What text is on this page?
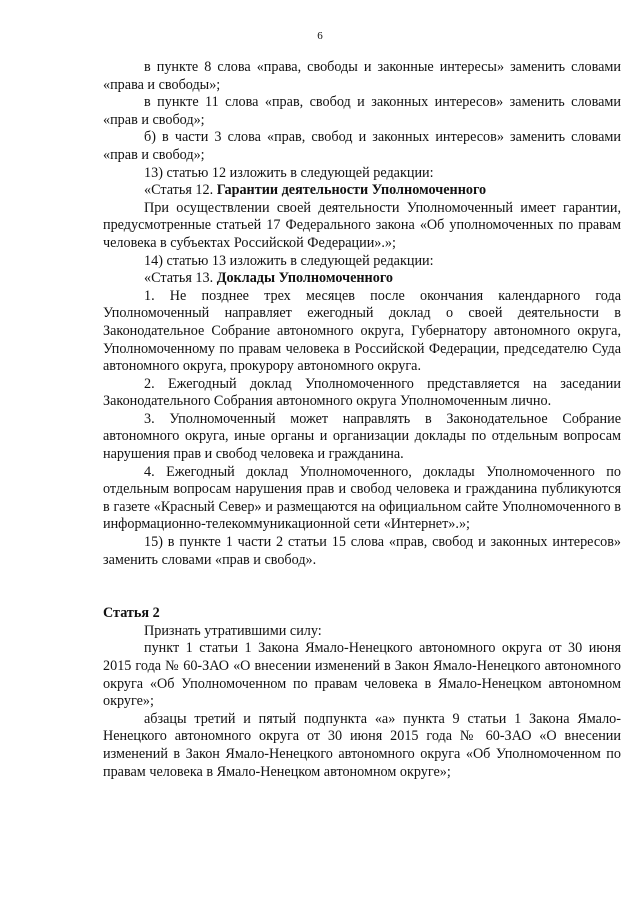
6

в пункте 8 слова «права, свободы и законные интересы» заменить словами «права и свободы»;

в пункте 11 слова «прав, свобод и законных интересов» заменить словами «прав и свобод»;

б) в части 3 слова «прав, свобод и законных интересов» заменить словами «прав и свобод»;

13) статью 12 изложить в следующей редакции:

«Статья 12. Гарантии деятельности Уполномоченного

При осуществлении своей деятельности Уполномоченный имеет гарантии, предусмотренные статьей 17 Федерального закона «Об уполномоченных по правам человека в субъектах Российской Федерации».»;

14) статью 13 изложить в следующей редакции:

«Статья 13. Доклады Уполномоченного

1. Не позднее трех месяцев после окончания календарного года Уполномоченный направляет ежегодный доклад о своей деятельности в Законодательное Собрание автономного округа, Губернатору автономного округа, Уполномоченному по правам человека в Российской Федерации, председателю Суда автономного округа, прокурору автономного округа.

2. Ежегодный доклад Уполномоченного представляется на заседании Законодательного Собрания автономного округа Уполномоченным лично.

3. Уполномоченный может направлять в Законодательное Собрание автономного округа, иные органы и организации доклады по отдельным вопросам нарушения прав и свобод человека и гражданина.

4. Ежегодный доклад Уполномоченного, доклады Уполномоченного по отдельным вопросам нарушения прав и свобод человека и гражданина публикуются в газете «Красный Север» и размещаются на официальном сайте Уполномоченного в информационно-телекоммуникационной сети «Интернет».»;

15) в пункте 1 части 2 статьи 15 слова «прав, свобод и законных интересов» заменить словами «прав и свобод».

Статья 2

Признать утратившими силу:

пункт 1 статьи 1 Закона Ямало-Ненецкого автономного округа от 30 июня 2015 года № 60-ЗАО «О внесении изменений в Закон Ямало-Ненецкого автономного округа «Об Уполномоченном по правам человека в Ямало-Ненецком автономном округе»;

абзацы третий и пятый подпункта «а» пункта 9 статьи 1 Закона Ямало-Ненецкого автономного округа от 30 июня 2015 года № 60-ЗАО «О внесении изменений в Закон Ямало-Ненецкого автономного округа «Об Уполномоченном по правам человека в Ямало-Ненецком автономном округе»;
